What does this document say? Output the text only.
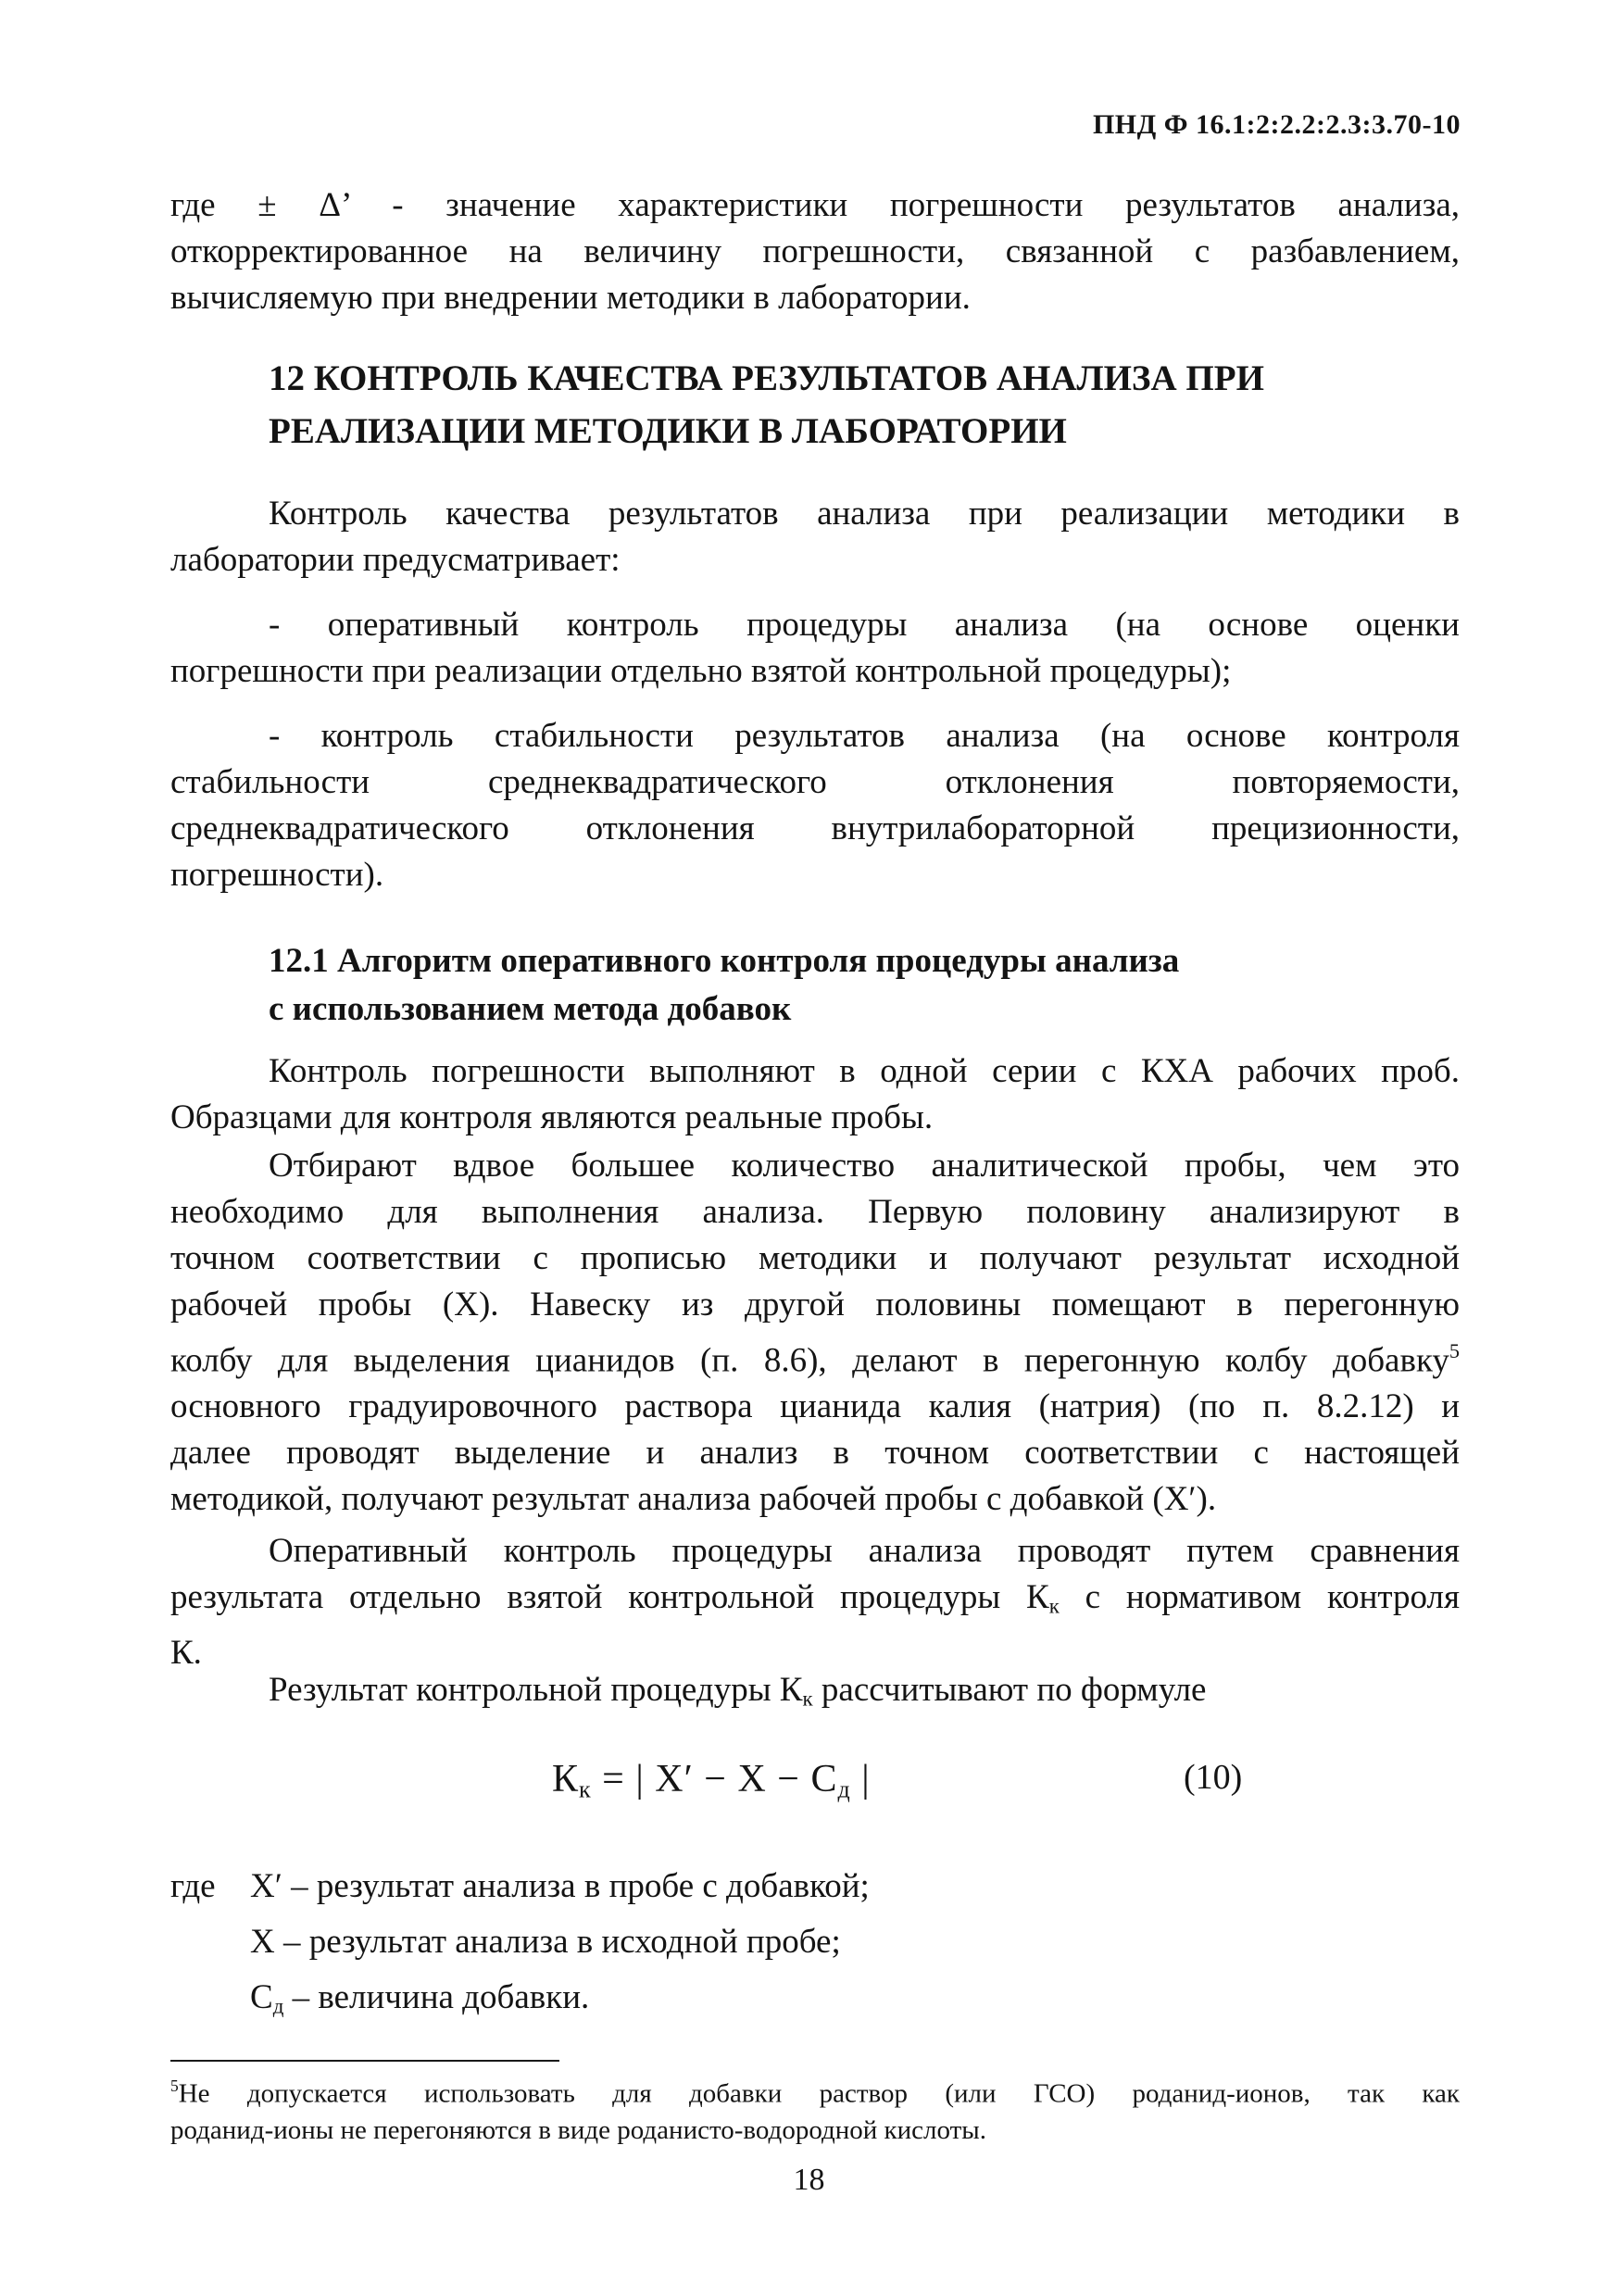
ПНД Ф 16.1:2:2.2:2.3:3.70-10
где ± Δ’ - значение характеристики погрешности результатов анализа,
откорректированное на величину погрешности, связанной с разбавлением,
вычисляемую при внедрении методики в лаборатории.
12 КОНТРОЛЬ КАЧЕСТВА РЕЗУЛЬТАТОВ АНАЛИЗА ПРИ
РЕАЛИЗАЦИИ МЕТОДИКИ В ЛАБОРАТОРИИ
Контроль качества результатов анализа при реализации методики в
лаборатории предусматривает:
- оперативный контроль процедуры анализа (на основе оценки
погрешности при реализации отдельно взятой контрольной процедуры);
- контроль стабильности результатов анализа (на основе контроля
стабильности среднеквадратического отклонения повторяемости,
среднеквадратического отклонения внутрилабораторной прецизионности,
погрешности).
12.1 Алгоритм оперативного контроля процедуры анализа
с использованием метода добавок
Контроль погрешности выполняют в одной серии с КХА рабочих проб.
Образцами для контроля являются реальные пробы.
Отбирают вдвое большее количество аналитической пробы, чем это
необходимо для выполнения анализа. Первую половину анализируют в
точном соответствии с прописью методики и получают результат исходной
рабочей пробы (X). Навеску из другой половины помещают в перегонную
колбу для выделения цианидов (п. 8.6), делают в перегонную колбу добавку$^5$
основного градуировочного раствора цианида калия (натрия) (по п. 8.2.12) и
далее проводят выделение и анализ в точном соответствии с настоящей
методикой, получают результат анализа рабочей пробы с добавкой (X′).
Оперативный контроль процедуры анализа проводят путем сравнения
результата отдельно взятой контрольной процедуры $К_к$ с нормативом контроля
К.
Результат контрольной процедуры $К_к$ рассчитывают по формуле
$К_к$ = | $X' - X - С_д$ |	(10)
где X′ – результат анализа в пробе с добавкой;
X – результат анализа в исходной пробе;
$С_д$ – величина добавки.
$^5$Не допускается использовать для добавки раствор (или ГСО) роданид-ионов, так как
роданид-ионы не перегоняются в виде роданисто-водородной кислоты.
18
